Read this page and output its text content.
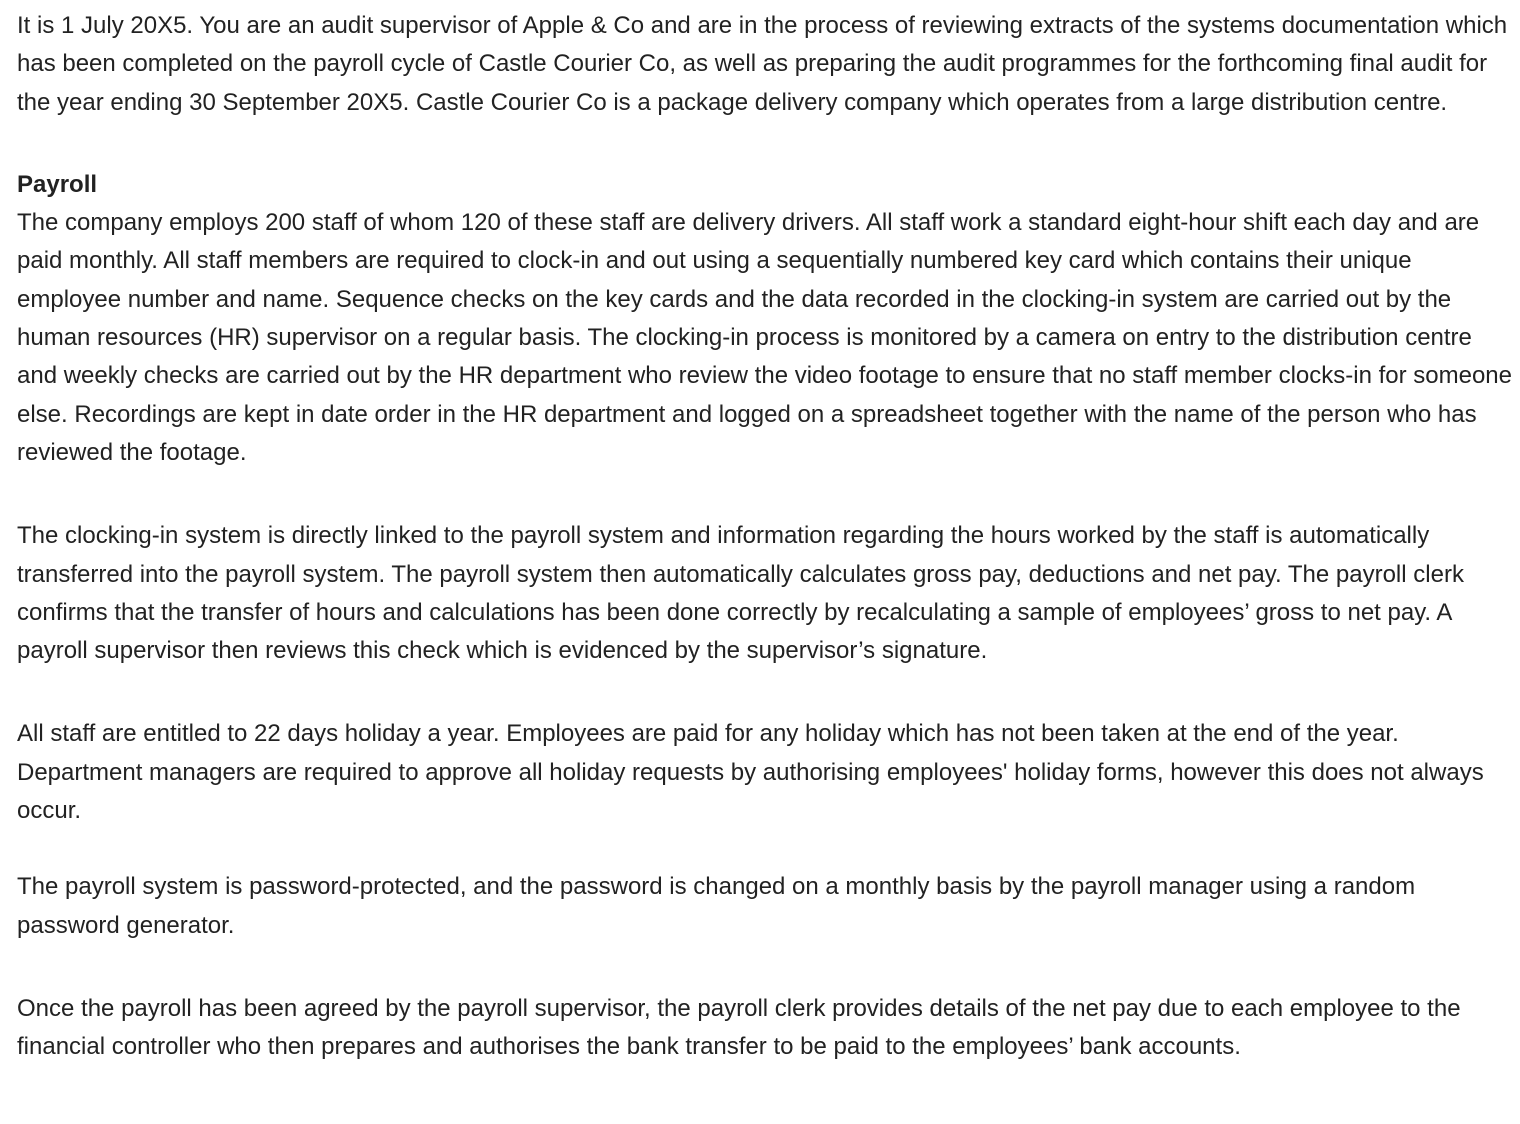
It is 1 July 20X5. You are an audit supervisor of Apple & Co and are in the process of reviewing extracts of the systems documentation which has been completed on the payroll cycle of Castle Courier Co, as well as preparing the audit programmes for the forthcoming final audit for the year ending 30 September 20X5. Castle Courier Co is a package delivery company which operates from a large distribution centre.

Payroll

The company employs 200 staff of whom 120 of these staff are delivery drivers. All staff work a standard eight-hour shift each day and are paid monthly. All staff members are required to clock-in and out using a sequentially numbered key card which contains their unique employee number and name. Sequence checks on the key cards and the data recorded in the clocking-in system are carried out by the human resources (HR) supervisor on a regular basis. The clocking-in process is monitored by a camera on entry to the distribution centre and weekly checks are carried out by the HR department who review the video footage to ensure that no staff member clocks-in for someone else. Recordings are kept in date order in the HR department and logged on a spreadsheet together with the name of the person who has reviewed the footage.

The clocking-in system is directly linked to the payroll system and information regarding the hours worked by the staff is automatically transferred into the payroll system. The payroll system then automatically calculates gross pay, deductions and net pay. The payroll clerk confirms that the transfer of hours and calculations has been done correctly by recalculating a sample of employees’ gross to net pay. A payroll supervisor then reviews this check which is evidenced by the supervisor’s signature.

All staff are entitled to 22 days holiday a year. Employees are paid for any holiday which has not been taken at the end of the year. Department managers are required to approve all holiday requests by authorising employees' holiday forms, however this does not always occur.

The payroll system is password-protected, and the password is changed on a monthly basis by the payroll manager using a random password generator.

Once the payroll has been agreed by the payroll supervisor, the payroll clerk provides details of the net pay due to each employee to the financial controller who then prepares and authorises the bank transfer to be paid to the employees’ bank accounts.
